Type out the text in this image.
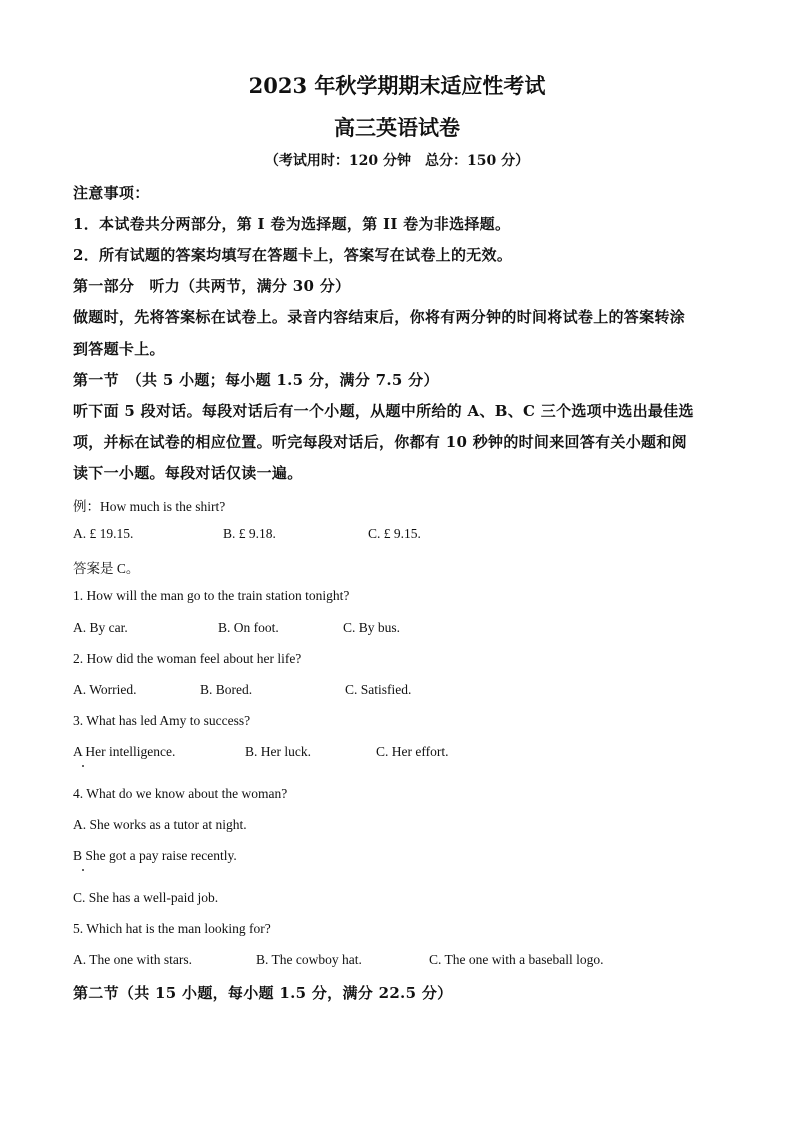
2023 年秋学期期末适应性考试
高三英语试卷
（考试用时：120 分钟　总分：150 分）
注意事项：
1．本试卷共分两部分，第 I 卷为选择题，第 II 卷为非选择题。
2．所有试题的答案均填写在答题卡上，答案写在试卷上的无效。
第一部分　听力（共两节，满分 30 分）
做题时，先将答案标在试卷上。录音内容结束后，你将有两分钟的时间将试卷上的答案转涂
到答题卡上。
第一节　（共 5 小题；每小题 1.5 分，满分 7.5 分）
听下面 5 段对话。每段对话后有一个小题，从题中所给的 A、B、C 三个选项中选出最佳选
项，并标在试卷的相应位置。听完每段对话后，你都有 10 秒钟的时间来回答有关小题和阅
读下一小题。每段对话仅读一遍。
例：How much is the shirt?
A. £ 19.15.	B. £ 9.18.	C. £ 9.15.
答案是 C。
1. How will the man go to the train station tonight?
A. By car.	B. On foot.	C. By bus.
2. How did the woman feel about her life?
A. Worried.	B. Bored.	C. Satisfied.
3. What has led Amy to success?
A Her intelligence.	B. Her luck.	C. Her effort.
4. What do we know about the woman?
A. She works as a tutor at night.
B She got a pay raise recently.
C. She has a well-paid job.
5. Which hat is the man looking for?
A. The one with stars.	B. The cowboy hat.	C. The one with a baseball logo.
第二节（共 15 小题，每小题 1.5 分，满分 22.5 分）
